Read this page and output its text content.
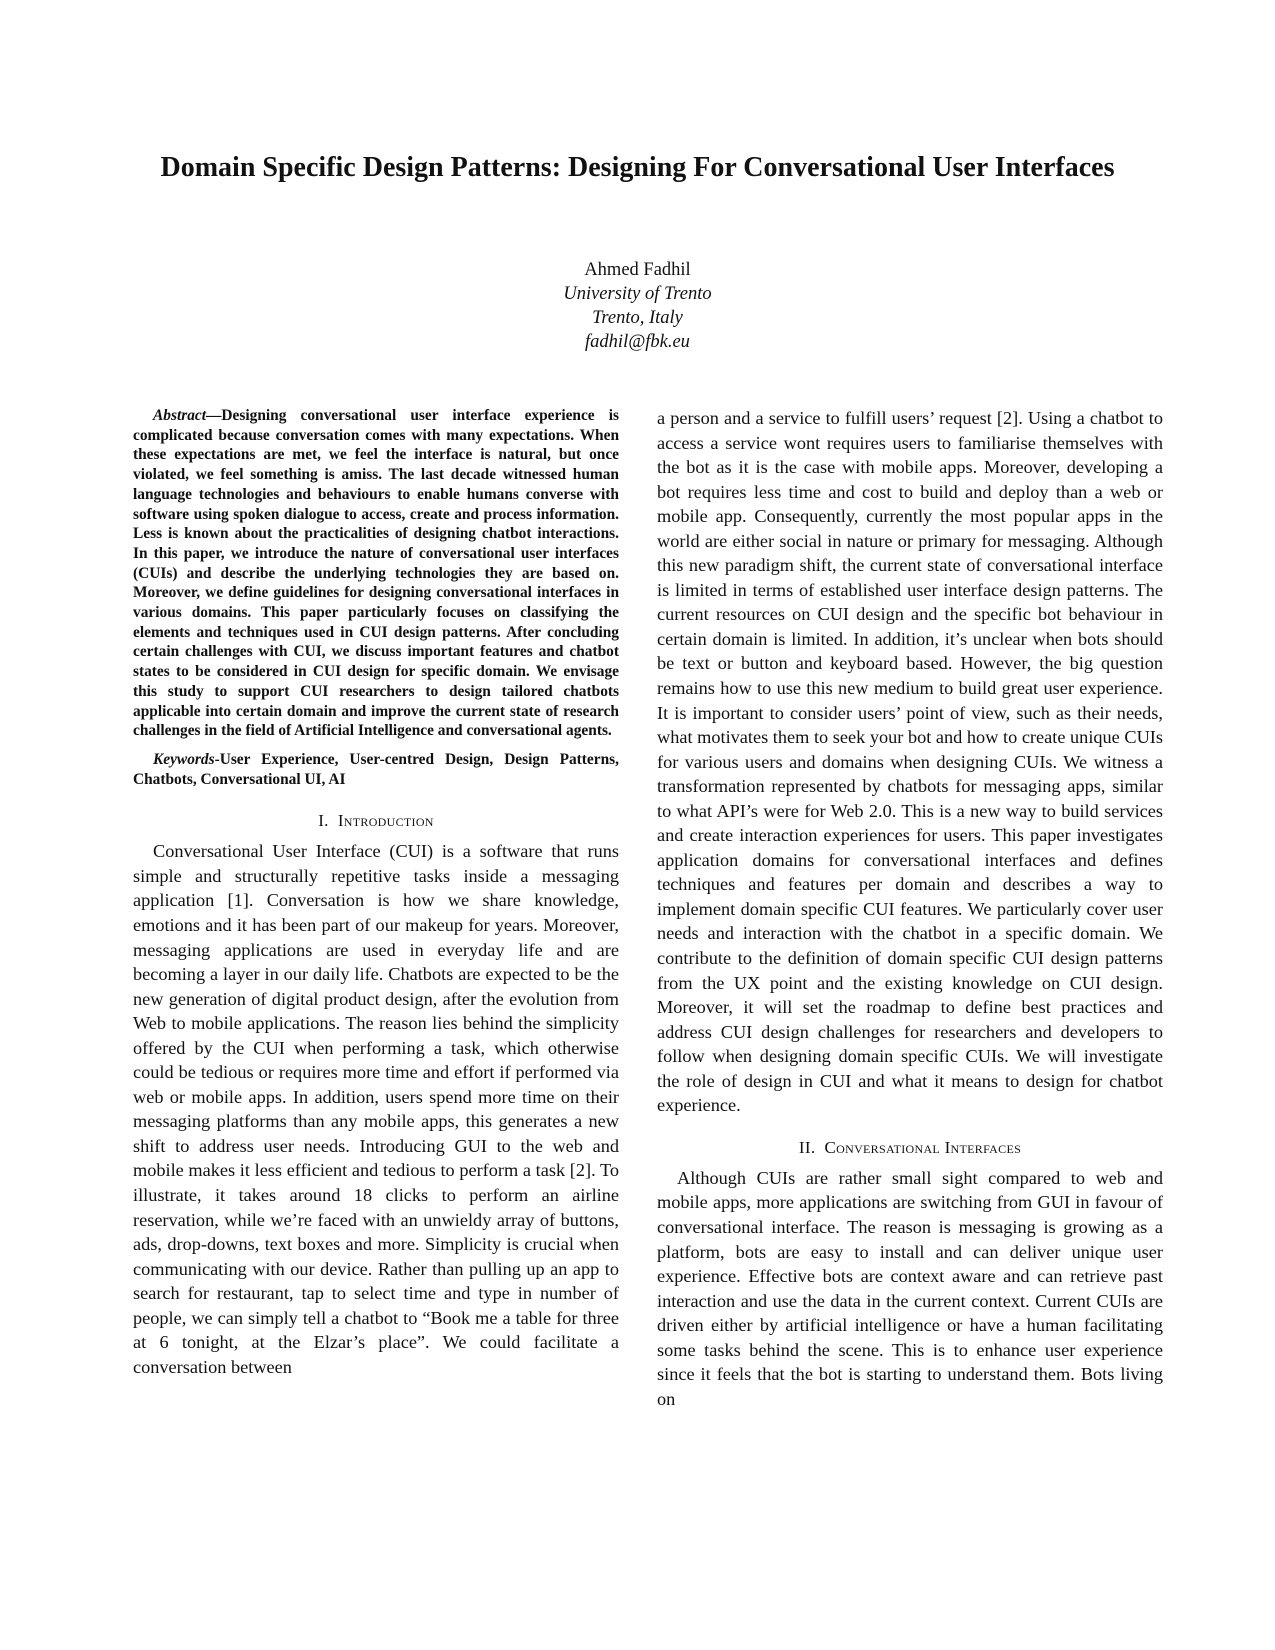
Domain Specific Design Patterns: Designing For Conversational User Interfaces
Ahmed Fadhil
University of Trento
Trento, Italy
fadhil@fbk.eu

Abstract—Designing conversational user interface experience is complicated because conversation comes with many expectations. When these expectations are met, we feel the interface is natural, but once violated, we feel something is amiss. The last decade witnessed human language technologies and behaviours to enable humans converse with software using spoken dialogue to access, create and process information. Less is known about the practicalities of designing chatbot interactions. In this paper, we introduce the nature of conversational user interfaces (CUIs) and describe the underlying technologies they are based on. Moreover, we define guidelines for designing conversational interfaces in various domains. This paper particularly focuses on classifying the elements and techniques used in CUI design patterns. After concluding certain challenges with CUI, we discuss important features and chatbot states to be considered in CUI design for specific domain. We envisage this study to support CUI researchers to design tailored chatbots applicable into certain domain and improve the current state of research challenges in the field of Artificial Intelligence and conversational agents.

Keywords-User Experience, User-centred Design, Design Patterns, Chatbots, Conversational UI, AI

I. Introduction

Conversational User Interface (CUI) is a software that runs simple and structurally repetitive tasks inside a messaging application [1]. Conversation is how we share knowledge, emotions and it has been part of our makeup for years. Moreover, messaging applications are used in everyday life and are becoming a layer in our daily life. Chatbots are expected to be the new generation of digital product design, after the evolution from Web to mobile applications. The reason lies behind the simplicity offered by the CUI when performing a task, which otherwise could be tedious or requires more time and effort if performed via web or mobile apps. In addition, users spend more time on their messaging platforms than any mobile apps, this generates a new shift to address user needs. Introducing GUI to the web and mobile makes it less efficient and tedious to perform a task [2]. To illustrate, it takes around 18 clicks to perform an airline reservation, while we’re faced with an unwieldy array of buttons, ads, drop-downs, text boxes and more. Simplicity is crucial when communicating with our device. Rather than pulling up an app to search for restaurant, tap to select time and type in number of people, we can simply tell a chatbot to “Book me a table for three at 6 tonight, at the Elzar’s place”. We could facilitate a conversation between

a person and a service to fulfill users’ request [2]. Using a chatbot to access a service wont requires users to familiarise themselves with the bot as it is the case with mobile apps. Moreover, developing a bot requires less time and cost to build and deploy than a web or mobile app. Consequently, currently the most popular apps in the world are either social in nature or primary for messaging. Although this new paradigm shift, the current state of conversational interface is limited in terms of established user interface design patterns. The current resources on CUI design and the specific bot behaviour in certain domain is limited. In addition, it’s unclear when bots should be text or button and keyboard based. However, the big question remains how to use this new medium to build great user experience. It is important to consider users’ point of view, such as their needs, what motivates them to seek your bot and how to create unique CUIs for various users and domains when designing CUIs. We witness a transformation represented by chatbots for messaging apps, similar to what API’s were for Web 2.0. This is a new way to build services and create interaction experiences for users. This paper investigates application domains for conversational interfaces and defines techniques and features per domain and describes a way to implement domain specific CUI features. We particularly cover user needs and interaction with the chatbot in a specific domain. We contribute to the definition of domain specific CUI design patterns from the UX point and the existing knowledge on CUI design. Moreover, it will set the roadmap to define best practices and address CUI design challenges for researchers and developers to follow when designing domain specific CUIs. We will investigate the role of design in CUI and what it means to design for chatbot experience.

II. Conversational Interfaces

Although CUIs are rather small sight compared to web and mobile apps, more applications are switching from GUI in favour of conversational interface. The reason is messaging is growing as a platform, bots are easy to install and can deliver unique user experience. Effective bots are context aware and can retrieve past interaction and use the data in the current context. Current CUIs are driven either by artificial intelligence or have a human facilitating some tasks behind the scene. This is to enhance user experience since it feels that the bot is starting to understand them. Bots living on
